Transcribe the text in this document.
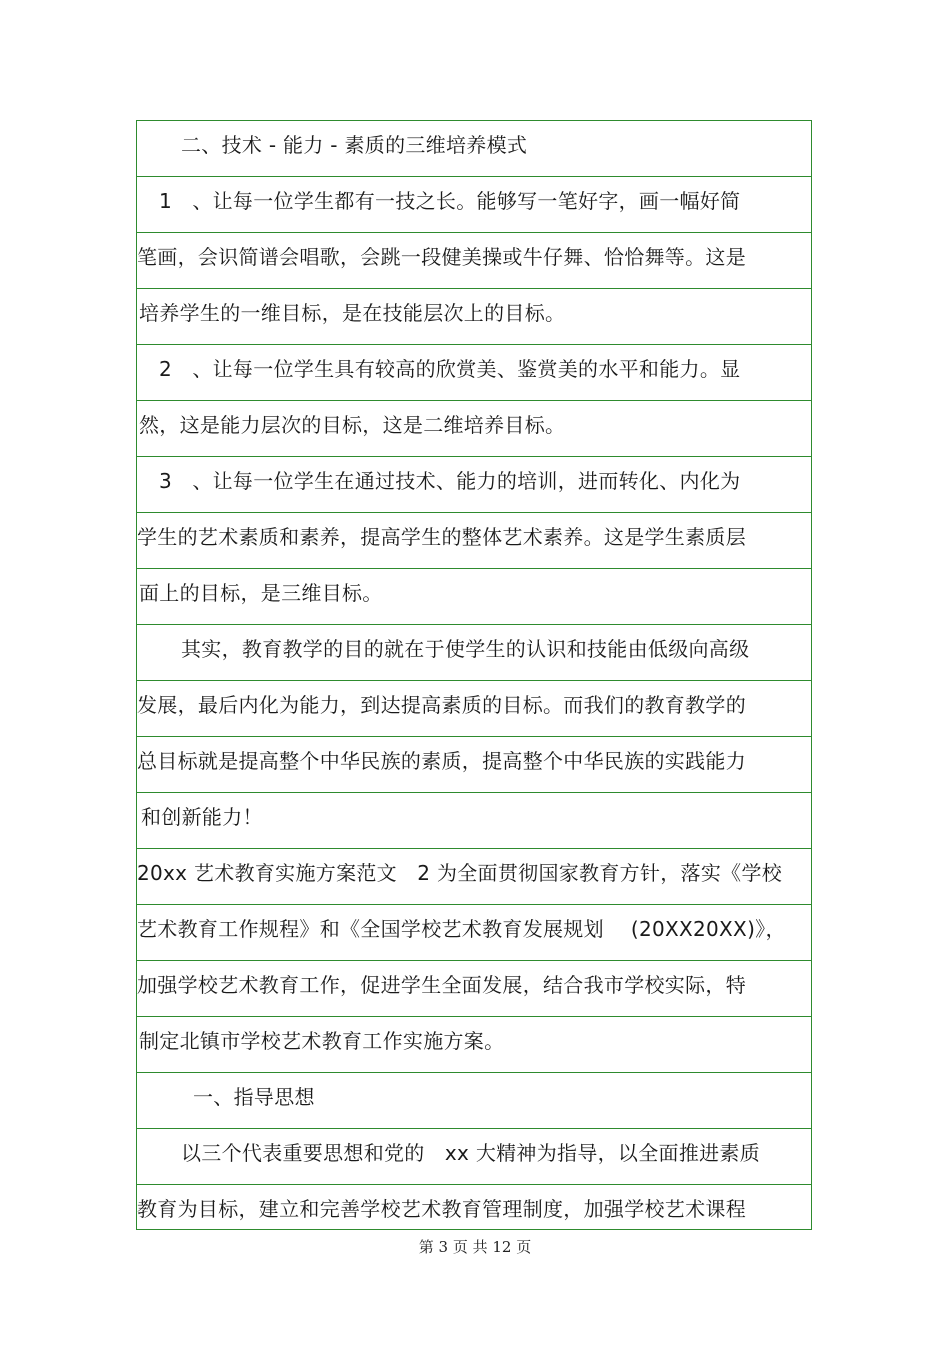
二、技术 - 能力 - 素质的三维培养模式
1　、让每一位学生都有一技之长。能够写一笔好字，画一幅好简
笔画，会识简谱会唱歌，会跳一段健美操或牛仔舞、恰恰舞等。这是
培养学生的一维目标，是在技能层次上的目标。
2　、让每一位学生具有较高的欣赏美、鉴赏美的水平和能力。显
然，这是能力层次的目标，这是二维培养目标。
3　、让每一位学生在通过技术、能力的培训，进而转化、内化为
学生的艺术素质和素养，提高学生的整体艺术素养。这是学生素质层
面上的目标，是三维目标。
其实，教育教学的目的就在于使学生的认识和技能由低级向高级
发展，最后内化为能力，到达提高素质的目标。而我们的教育教学的
总目标就是提高整个中华民族的素质，提高整个中华民族的实践能力
和创新能力！
20xx 艺术教育实施方案范文　2 为全面贯彻国家教育方针，落实《学校
艺术教育工作规程》和《全国学校艺术教育发展规划　 (20XX20XX)》，
加强学校艺术教育工作，促进学生全面发展，结合我市学校实际，特
制定北镇市学校艺术教育工作实施方案。
一、指导思想
以三个代表重要思想和党的　xx 大精神为指导，以全面推进素质
教育为目标，建立和完善学校艺术教育管理制度，加强学校艺术课程
第 3 页 共 12 页
